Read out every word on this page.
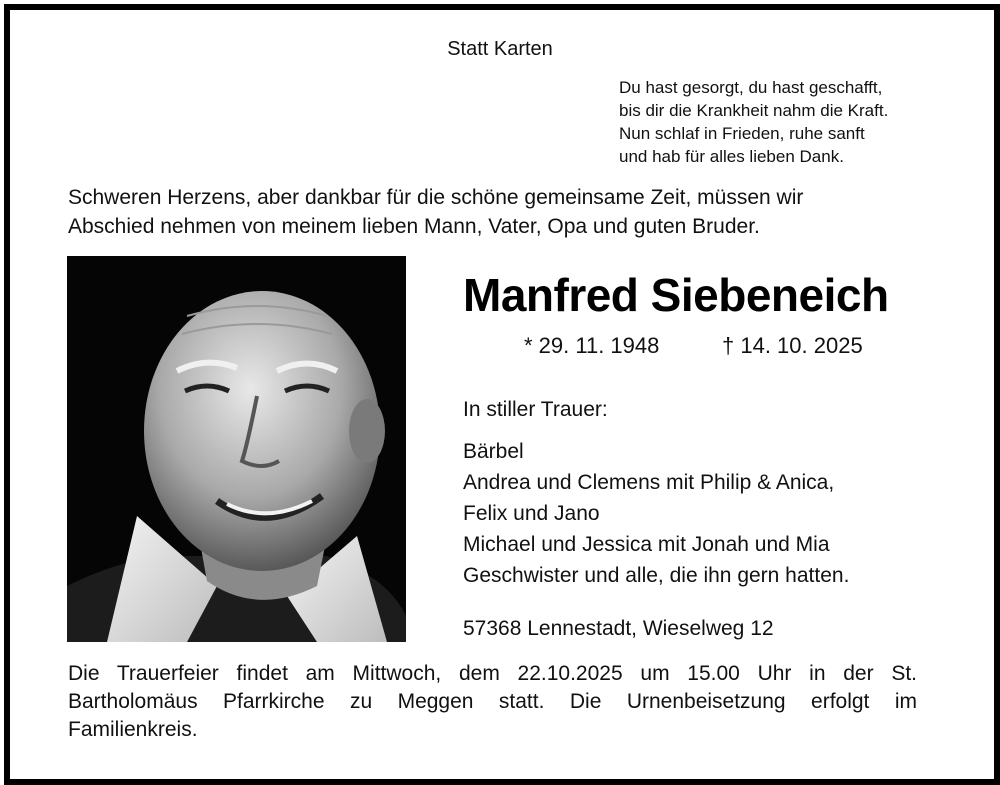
Statt Karten
Du hast gesorgt, du hast geschafft,
bis dir die Krankheit nahm die Kraft.
Nun schlaf in Frieden, ruhe sanft
und hab für alles lieben Dank.
Schweren Herzens, aber dankbar für die schöne gemeinsame Zeit, müssen wir
Abschied nehmen von meinem lieben Mann, Vater, Opa und guten Bruder.
Manfred Siebeneich
* 29. 11. 1948	† 14. 10. 2025
In stiller Trauer:
Bärbel
Andrea und Clemens mit Philip & Anica,
Felix und Jano
Michael und Jessica mit Jonah und Mia
Geschwister und alle, die ihn gern hatten.
57368 Lennestadt, Wieselweg 12
Die Trauerfeier findet am Mittwoch, dem 22.10.2025 um 15.00 Uhr in der St.
Bartholomäus Pfarrkirche zu Meggen statt. Die Urnenbeisetzung erfolgt im
Familienkreis.
